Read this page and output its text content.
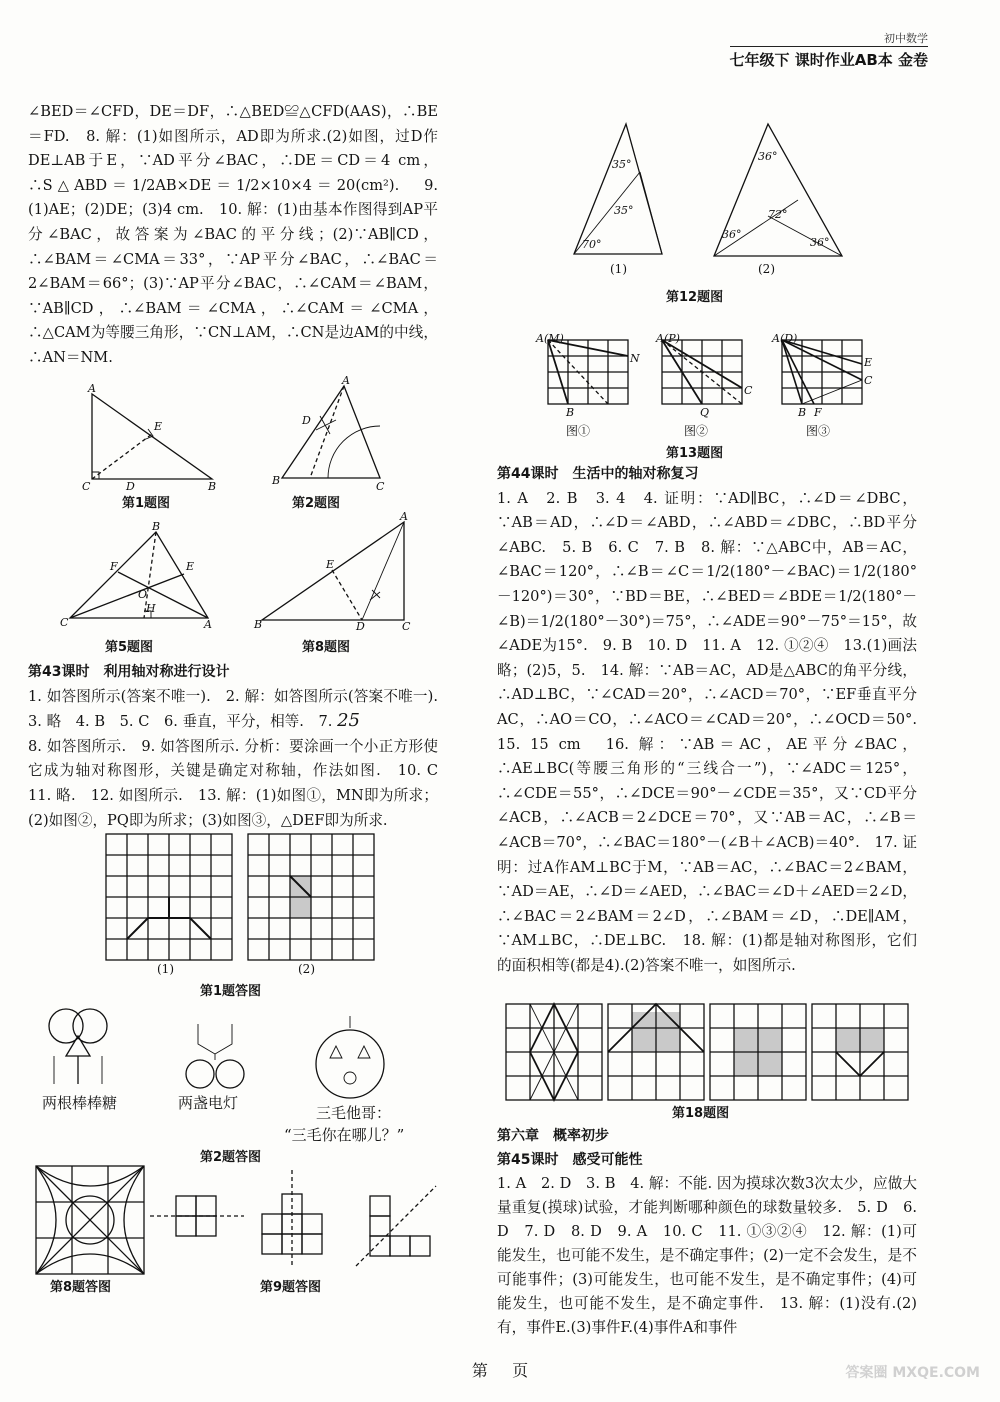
初中数学
七年级下 课时作业AB本 金卷

∠BED＝∠CFD，DE＝DF，∴△BED≌△CFD(AAS)，∴BE＝FD.　8. 解：(1)如图所示，AD即为所求.(2)如图，过D作DE⊥AB于E，∵AD平分∠BAC，∴DE＝CD＝4 cm，∴S△ABD＝1/2AB×DE＝1/2×10×4＝20(cm²).　9.(1)AE；(2)DE；(3)4 cm.　10. 解：(1)由基本作图得到AP平分∠BAC，故答案为∠BAC的平分线；(2)∵AB∥CD，∴∠BAM＝∠CMA＝33°，∵AP平分∠BAC，∴∠BAC＝2∠BAM＝66°；(3)∵AP平分∠BAC，∴∠CAM＝∠BAM，∵AB∥CD，∴∠BAM＝∠CMA，∴∠CAM＝∠CMA，∴△CAM为等腰三角形，∵CN⊥AM，∴CN是边AM的中线，∴AN＝NM.

A
C	D	B
E
第1题图
A
D
B	C
第2题图
B
F	E
O
H
C	A
第5题图
A
E
B	D	C
第8题图

第43课时　利用轴对称进行设计

1. 如答图所示(答案不唯一).　2. 解：如答图所示(答案不唯一).　3. 略　4. B　5. C　6. 垂直，平分，相等.　7. 25

8. 如答图所示.　9. 如答图所示. 分析：要涂画一个小正方形使它成为轴对称图形，关键是确定对称轴，作法如图.　10. C　11. 略.　12. 如图所示.　13. 解：(1)如图①，MN即为所求；(2)如图②，PQ即为所求；(3)如图③，△DEF即为所求.

(1)	(2)
第1题答图
两根棒棒糖	两盏电灯
三毛他哥：
“三毛你在哪儿？”
第2题答图
第8题答图	第9题答图
35°
35°
70°
(1)
36°
72°
36°
36°
(2)
第12题图
A(M)
N
B
A(P)
C
Q
A(D)
E
C
B F
图①	图②	图③
第13题图

第44课时　生活中的轴对称复习

1. A　2. B　3. 4　4. 证明：∵AD∥BC，∴∠D＝∠DBC，∵AB＝AD，∴∠D＝∠ABD，∴∠ABD＝∠DBC，∴BD平分∠ABC.　5. B　6. C　7. B　8. 解：∵△ABC中，AB＝AC，∠BAC＝120°，∴∠B＝∠C＝1/2(180°－∠BAC)＝1/2(180°－120°)＝30°，∵BD＝BE，∴∠BED＝∠BDE＝1/2(180°－∠B)＝1/2(180°－30°)＝75°，∴∠ADE＝90°－75°＝15°，故∠ADE为15°.　9. B　10. D　11. A　12. ①②④　13.(1)画法略；(2)5，5.　14. 解：∵AB＝AC，AD是△ABC的角平分线，∴AD⊥BC，∵∠CAD＝20°，∴∠ACD＝70°，∵EF垂直平分AC，∴AO＝CO，∴∠ACO＝∠CAD＝20°，∴∠OCD＝50°.　15. 15 cm　16. 解：∵AB＝AC，AE平分∠BAC，∴AE⊥BC(等腰三角形的“三线合一”)，∵∠ADC＝125°，∴∠CDE＝55°，∴∠DCE＝90°－∠CDE＝35°，又∵CD平分∠ACB，∴∠ACB＝2∠DCE＝70°，又∵AB＝AC，∴∠B＝∠ACB＝70°，∴∠BAC＝180°－(∠B＋∠ACB)＝40°.　17. 证明：过A作AM⊥BC于M，∵AB＝AC，∴∠BAC＝2∠BAM，∵AD＝AE，∴∠D＝∠AED，∴∠BAC＝∠D＋∠AED＝2∠D，∴∠BAC＝2∠BAM＝2∠D，∴∠BAM＝∠D，∴DE∥AM，∵AM⊥BC，∴DE⊥BC.　18. 解：(1)都是轴对称图形，它们的面积相等(都是4).(2)答案不唯一，如图所示.

第18题图

第六章　概率初步

第45课时　感受可能性

1. A　2. D　3. B　4. 解：不能. 因为摸球次数3次太少，应做大量重复(摸球)试验，才能判断哪种颜色的球数量较多.　5. D　6. D　7. D　8. D　9. A　10. C　11. ①③②④　12. 解：(1)可能发生，也可能不发生，是不确定事件；(2)一定不会发生，是不可能事件；(3)可能发生，也可能不发生，是不确定事件；(4)可能发生，也可能不发生，是不确定事件.　13. 解：(1)没有.(2)有，事件E.(3)事件F.(4)事件A和事件

第 页	答案圈 MXQE.COM
